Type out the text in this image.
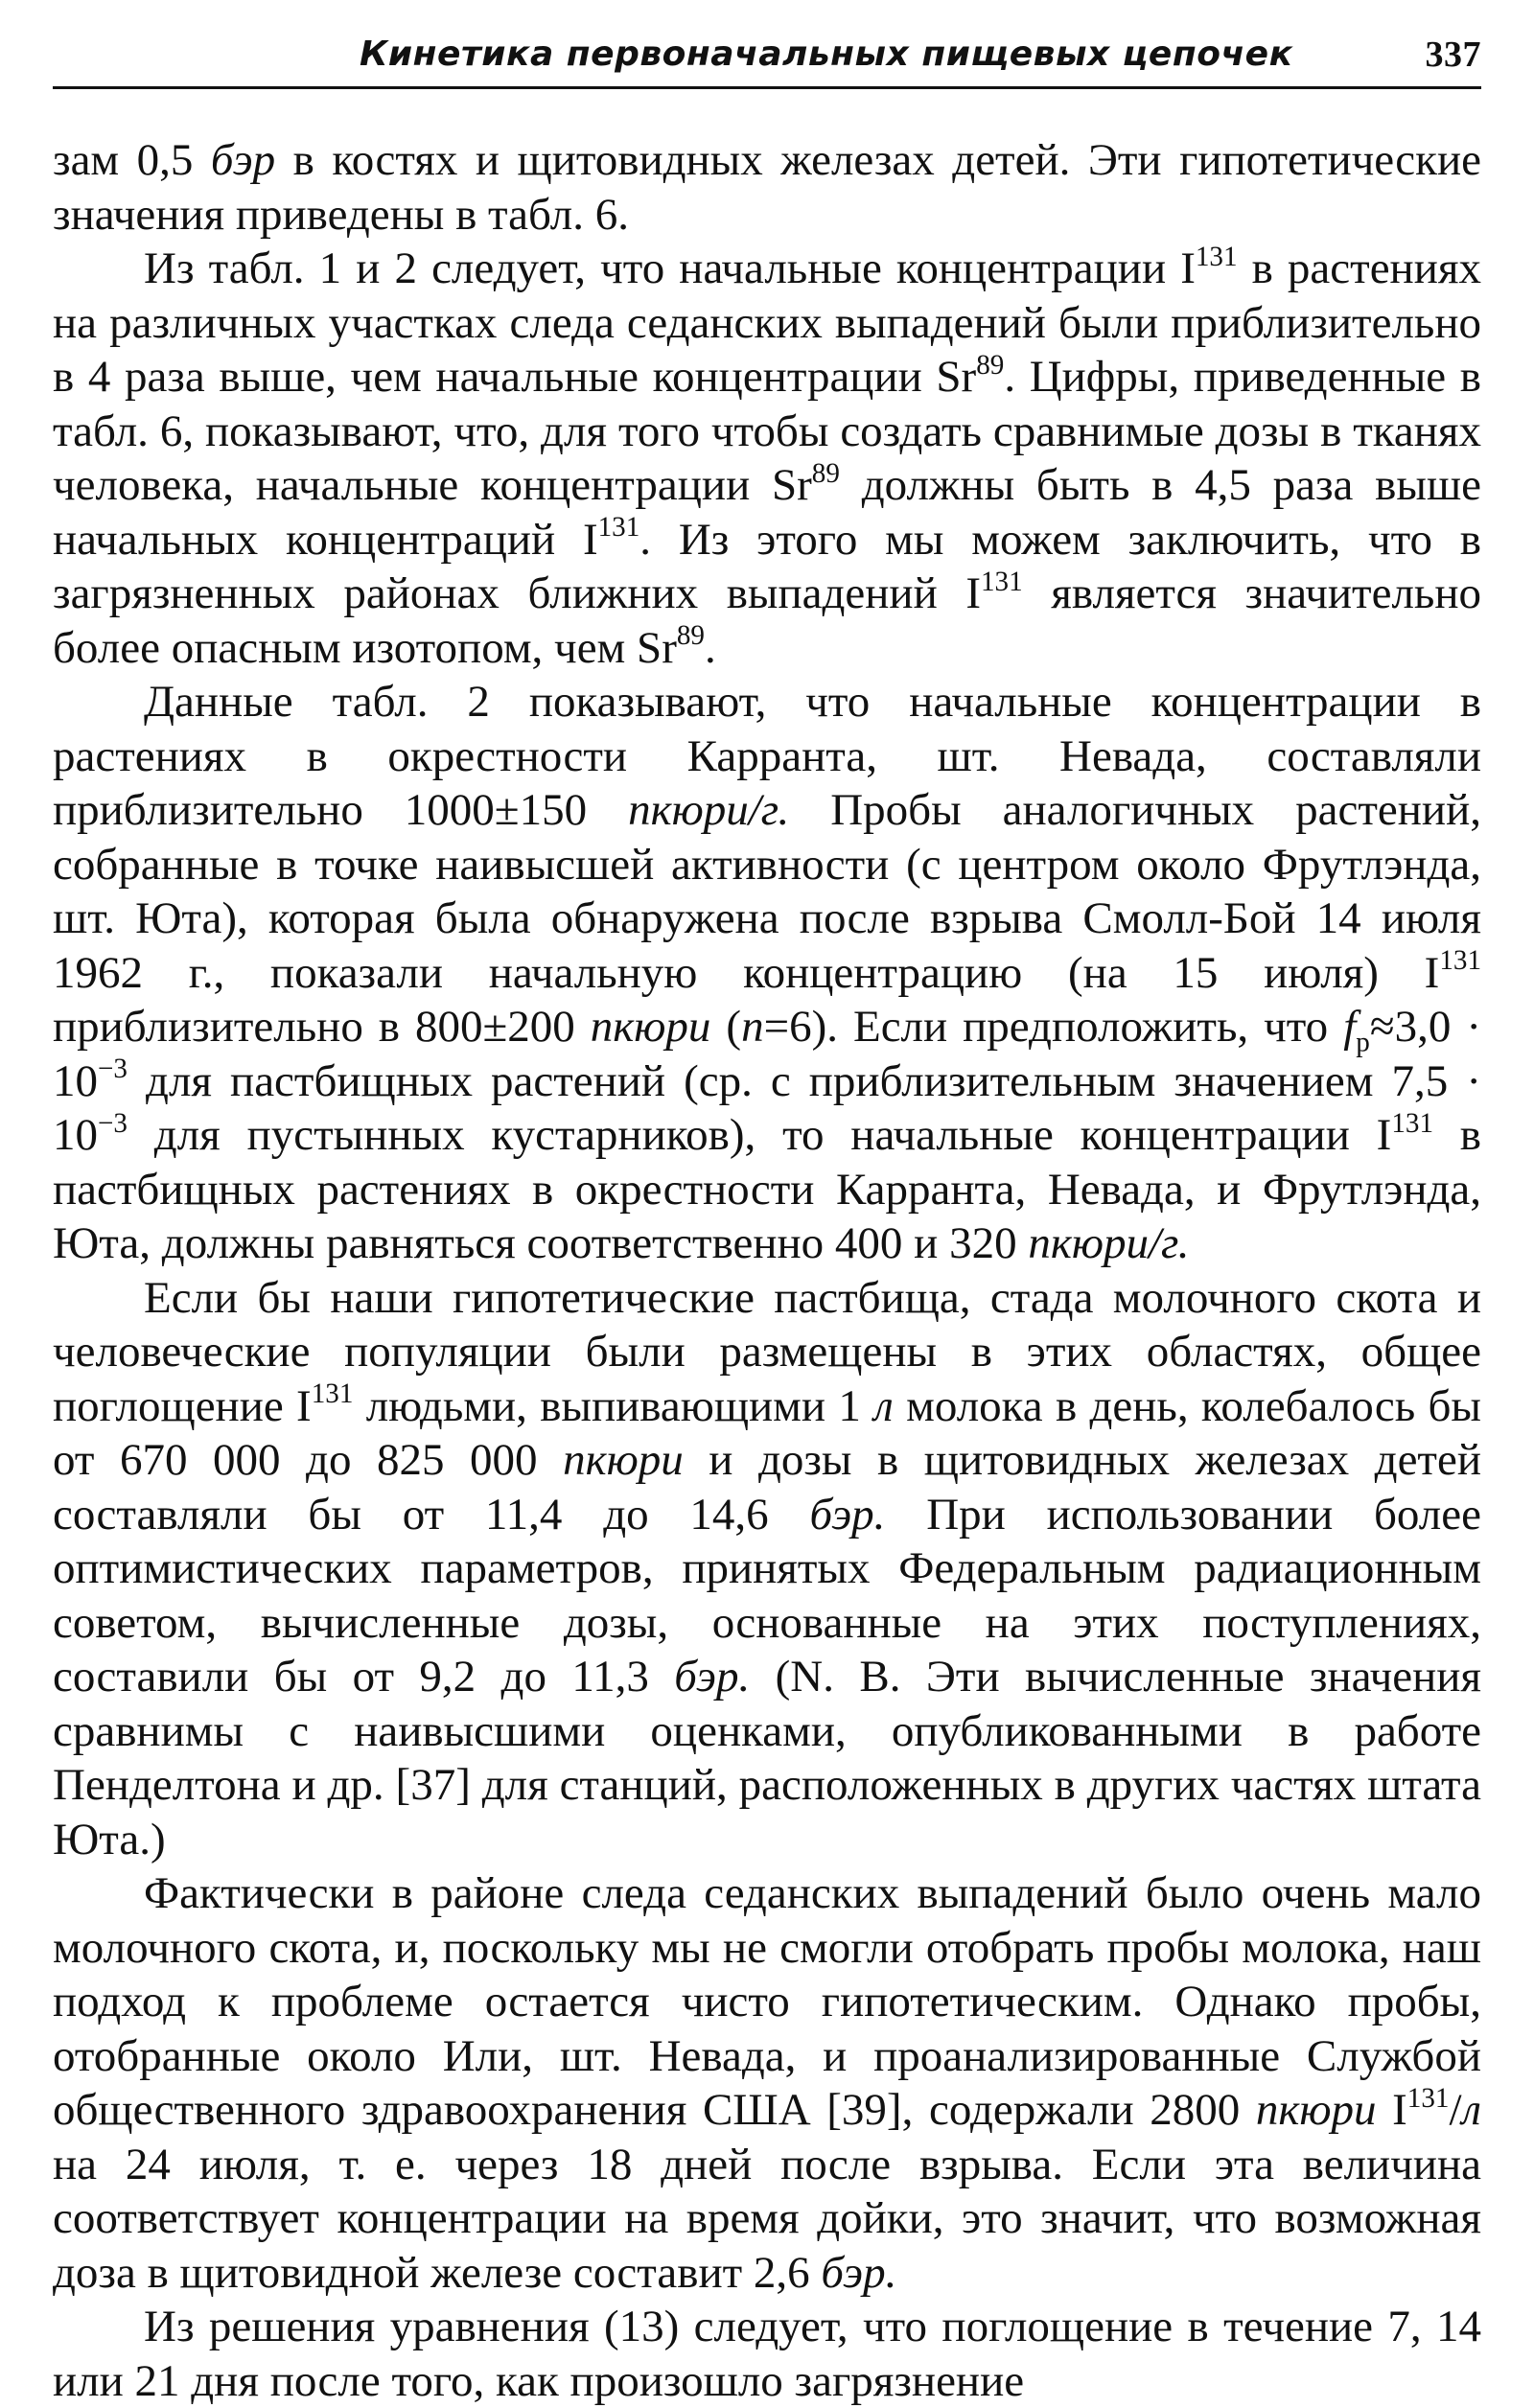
Кинетика первоначальных пищевых цепочек	337

зам 0,5 бэр в костях и щитовидных железах детей. Эти гипотетические значения приведены в табл. 6.

Из табл. 1 и 2 следует, что начальные концентрации $I^{131}$ в растениях на различных участках следа седанских выпадений были приблизительно в 4 раза выше, чем начальные концентрации Sr$^{89}$. Цифры, приведенные в табл. 6, показывают, что, для того чтобы создать сравнимые дозы в тканях человека, начальные концентрации Sr$^{89}$ должны быть в 4,5 раза выше начальных концентраций $I^{131}$. Из этого мы можем заключить, что в загрязненных районах ближних выпадений $I^{131}$ является значительно более опасным изотопом, чем Sr$^{89}$.

Данные табл. 2 показывают, что начальные концентрации в растениях в окрестности Карранта, шт. Невада, составляли приблизительно 1000±150 пкюри/г. Пробы аналогичных растений, собранные в точке наивысшей активности (с центром около Фрутлэнда, шт. Юта), которая была обнаружена после взрыва Смолл-Бой 14 июля 1962 г., показали начальную концентрацию (на 15 июля) $I^{131}$ приблизительно в 800±200 пкюри (n=6). Если предположить, что $f_p\approx 3,0 \cdot 10^{-3}$ для пастбищных растений (ср. с приблизительным значением $7,5 \cdot 10^{-3}$ для пустынных кустарников), то начальные концентрации $I^{131}$ в пастбищных растениях в окрестности Карранта, Невада, и Фрутлэнда, Юта, должны равняться соответственно 400 и 320 пкюри/г.

Если бы наши гипотетические пастбища, стада молочного скота и человеческие популяции были размещены в этих областях, общее поглощение $I^{131}$ людьми, выпивающими 1 л молока в день, колебалось бы от 670 000 до 825 000 пкюри и дозы в щитовидных железах детей составляли бы от 11,4 до 14,6 бэр. При использовании более оптимистических параметров, принятых Федеральным радиационным советом, вычисленные дозы, основанные на этих поступлениях, составили бы от 9,2 до 11,3 бэр. (N. B. Эти вычисленные значения сравнимы с наивысшими оценками, опубликованными в работе Пенделтона и др. [37] для станций, расположенных в других частях штата Юта.)

Фактически в районе следа седанских выпадений было очень мало молочного скота, и, поскольку мы не смогли отобрать пробы молока, наш подход к проблеме остается чисто гипотетическим. Однако пробы, отобранные около Или, шт. Невада, и проанализированные Службой общественного здравоохранения США [39], содержали 2800 пкюри $I^{131}/л$ на 24 июля, т. е. через 18 дней после взрыва. Если эта величина соответствует концентрации на время дойки, это значит, что возможная доза в щитовидной железе составит 2,6 бэр.

Из решения уравнения (13) следует, что поглощение в течение 7, 14 или 21 дня после того, как произошло загрязнение
